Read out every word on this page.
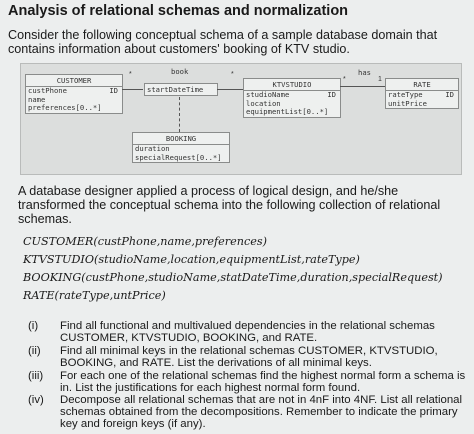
Analysis of relational schemas and normalization
Consider the following conceptual schema of a sample database domain that contains information about customers' booking of KTV studio.
CUSTOMER
custPhone	ID
name
preferences[0..*]
*	book
startDateTime
*
KTVSTUDIO
studioName	ID
location
equipmentList[0..*]
has
*	1
RATE
rateType	ID
unitPrice
BOOKING
duration
specialRequest[0..*]
A database designer applied a process of logical design, and he/she transformed the conceptual schema into the following collection of relational schemas.
CUSTOMER(custPhone,name,preferences)
KTVSTUDIO(studioName,location,equipmentList,rateType)
BOOKING(custPhone,studioName,statDateTime,duration,specialRequest)
RATE(rateType,untPrice)
(i)	Find all functional and multivalued dependencies in the relational schemas CUSTOMER, KTVSTUDIO, BOOKING, and RATE.
(ii)	Find all minimal keys in the relational schemas CUSTOMER, KTVSTUDIO, BOOKING, and RATE. List the derivations of all minimal keys.
(iii)	For each one of the relational schemas find the highest normal form a schema is in. List the justifications for each highest normal form found.
(iv)	Decompose all relational schemas that are not in 4nF into 4NF. List all relational schemas obtained from the decompositions. Remember to indicate the primary key and foreign keys (if any).
